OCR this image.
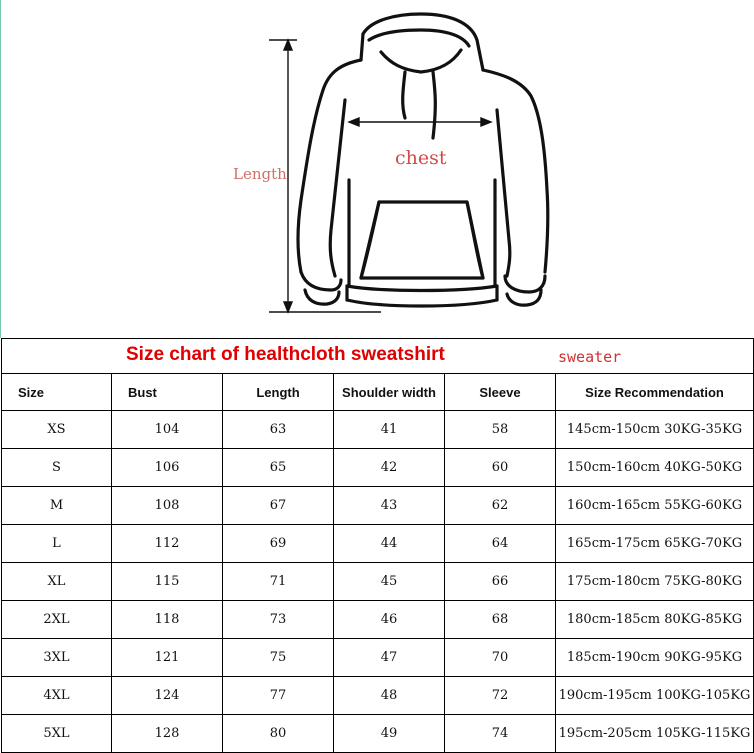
Length
chest
Size chart of healthcloth sweatshirt sweater					

Size	Bust	Length	Shoulder width	Sleeve	Size Recommendation
XS	104	63	41	58	145cm-150cm 30KG-35KG
S	106	65	42	60	150cm-160cm 40KG-50KG
M	108	67	43	62	160cm-165cm 55KG-60KG
L	112	69	44	64	165cm-175cm 65KG-70KG
XL	115	71	45	66	175cm-180cm 75KG-80KG
2XL	118	73	46	68	180cm-185cm 80KG-85KG
3XL	121	75	47	70	185cm-190cm 90KG-95KG
4XL	124	77	48	72	190cm-195cm 100KG-105KG
5XL	128	80	49	74	195cm-205cm 105KG-115KG
